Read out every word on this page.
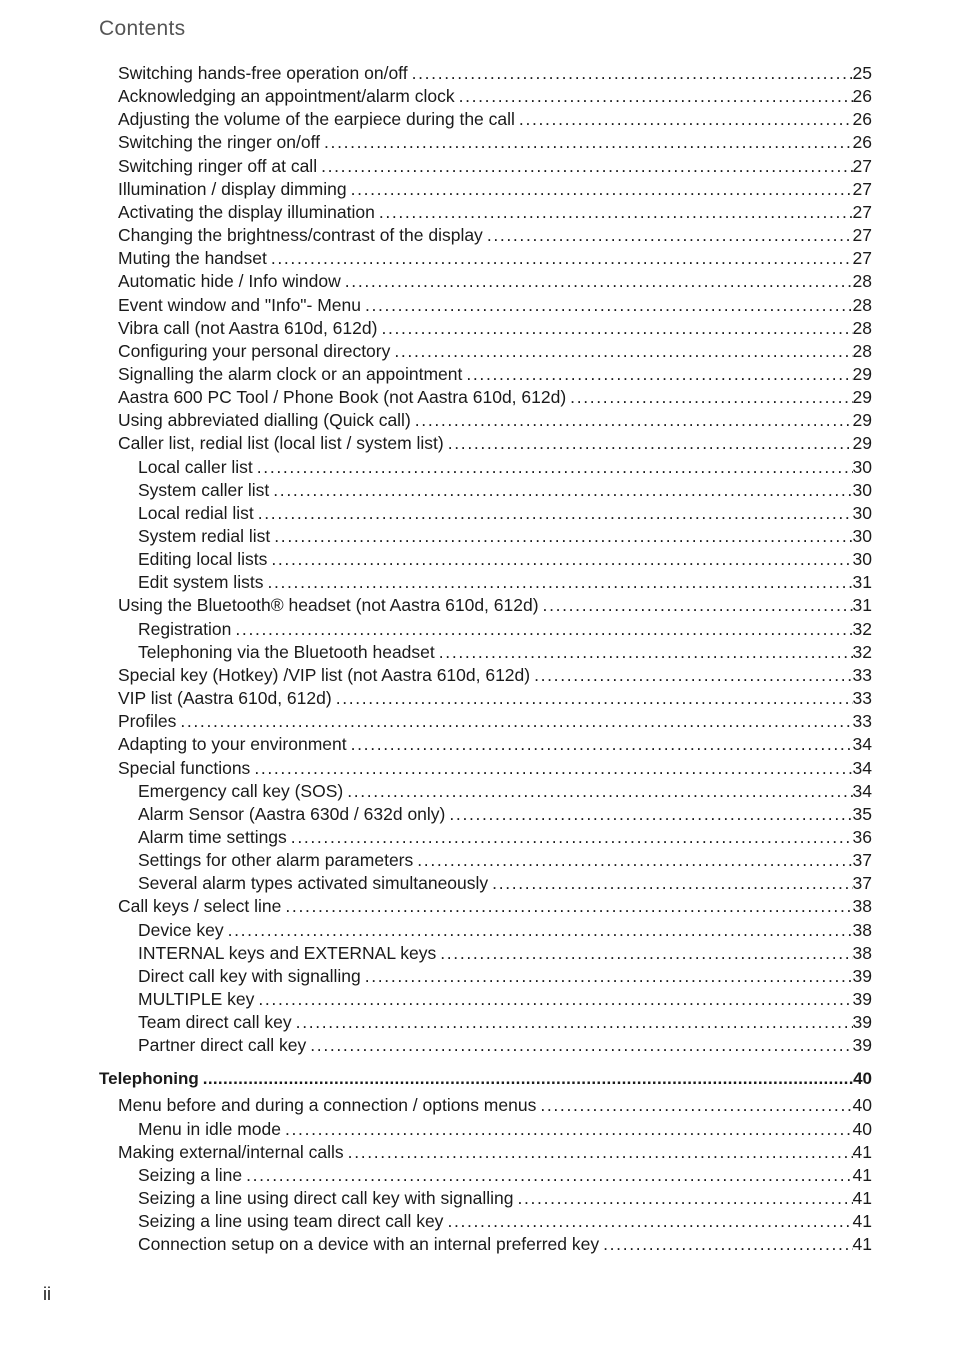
Contents
Switching hands-free operation on/off . . .	25
Acknowledging an appointment/alarm clock . . .	26
Adjusting the volume of the earpiece during the call . . .	26
Switching the ringer on/off . . .	26
Switching ringer off at call . . .	27
Illumination / display dimming . . .	27
Activating the display illumination . . .	27
Changing the brightness/contrast of the display . . .	27
Muting the handset . . .	27
Automatic hide / Info window . . .	28
Event window and "Info"- Menu . . .	28
Vibra call (not Aastra 610d, 612d) . . .	28
Configuring your personal directory . . .	28
Signalling the alarm clock or an appointment . . .	29
Aastra 600 PC Tool / Phone Book (not Aastra 610d, 612d) . . .	29
Using abbreviated dialling (Quick call) . . .	29
Caller list, redial list (local list / system list) . . .	29
Local caller list . . .	30
System caller list . . .	30
Local redial list . . .	30
System redial list . . .	30
Editing local lists . . .	30
Edit system lists . . .	31
Using the Bluetooth® headset (not Aastra 610d, 612d) . . .	31
Registration . . .	32
Telephoning via the Bluetooth headset . . .	32
Special key (Hotkey) /VIP list (not Aastra 610d, 612d) . . .	33
VIP list (Aastra 610d, 612d) . . .	33
Profiles . . .	33
Adapting to your environment . . .	34
Special functions . . .	34
Emergency call key (SOS) . . .	34
Alarm Sensor (Aastra 630d / 632d only) . . .	35
Alarm time settings . . .	36
Settings for other alarm parameters . . .	37
Several alarm types activated simultaneously . . .	37
Call keys / select line . . .	38
Device key . . .	38
INTERNAL keys and EXTERNAL keys . . .	38
Direct call key with signalling . . .	39
MULTIPLE key . . .	39
Team direct call key . . .	39
Partner direct call key . . .	39
Telephoning . . .	40
Menu before and during a connection / options menus . . .	40
Menu in idle mode . . .	40
Making external/internal calls . . .	41
Seizing a line . . .	41
Seizing a line using direct call key with signalling . . .	41
Seizing a line using team direct call key . . .	41
Connection setup on a device with an internal preferred key . . .	41
ii
